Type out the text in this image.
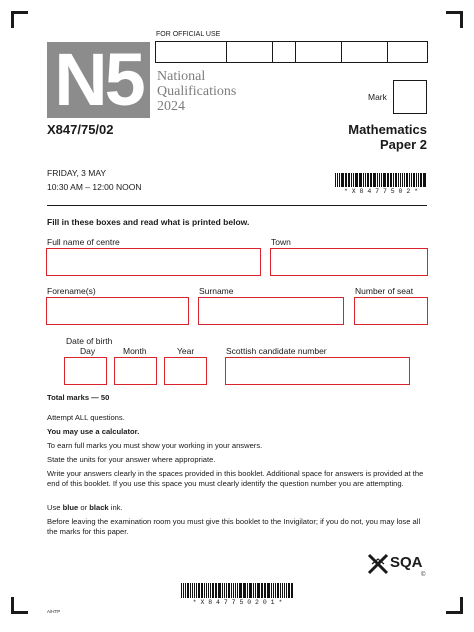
N5	National
Qualifications
2024
FOR OFFICIAL USE
Mark
X847/75/02	Mathematics
Paper 2
FRIDAY, 3 MAY
10:30 AM – 12:00 NOON	* X 8 4 7 7 5 0 2 *
Fill in these boxes and read what is printed below.
Full name of centre	Town
Forename(s)	Surname	Number of seat
Date of birth
Day	Month	Year	Scottish candidate number
Total marks — 50
Attempt ALL questions.
You may use a calculator.
To earn full marks you must show your working in your answers.
State the units for your answer where appropriate.
Write your answers clearly in the spaces provided in this booklet. Additional space for answers is provided at the end of this booklet. If you use this space you must clearly identify the question number you are attempting.
Use blue or black ink.
Before leaving the examination room you must give this booklet to the Invigilator; if you do not, you may lose all the marks for this paper.
SQA
©
* X 8 4 7 7 5 0 2 0 1 *
A/HTP
